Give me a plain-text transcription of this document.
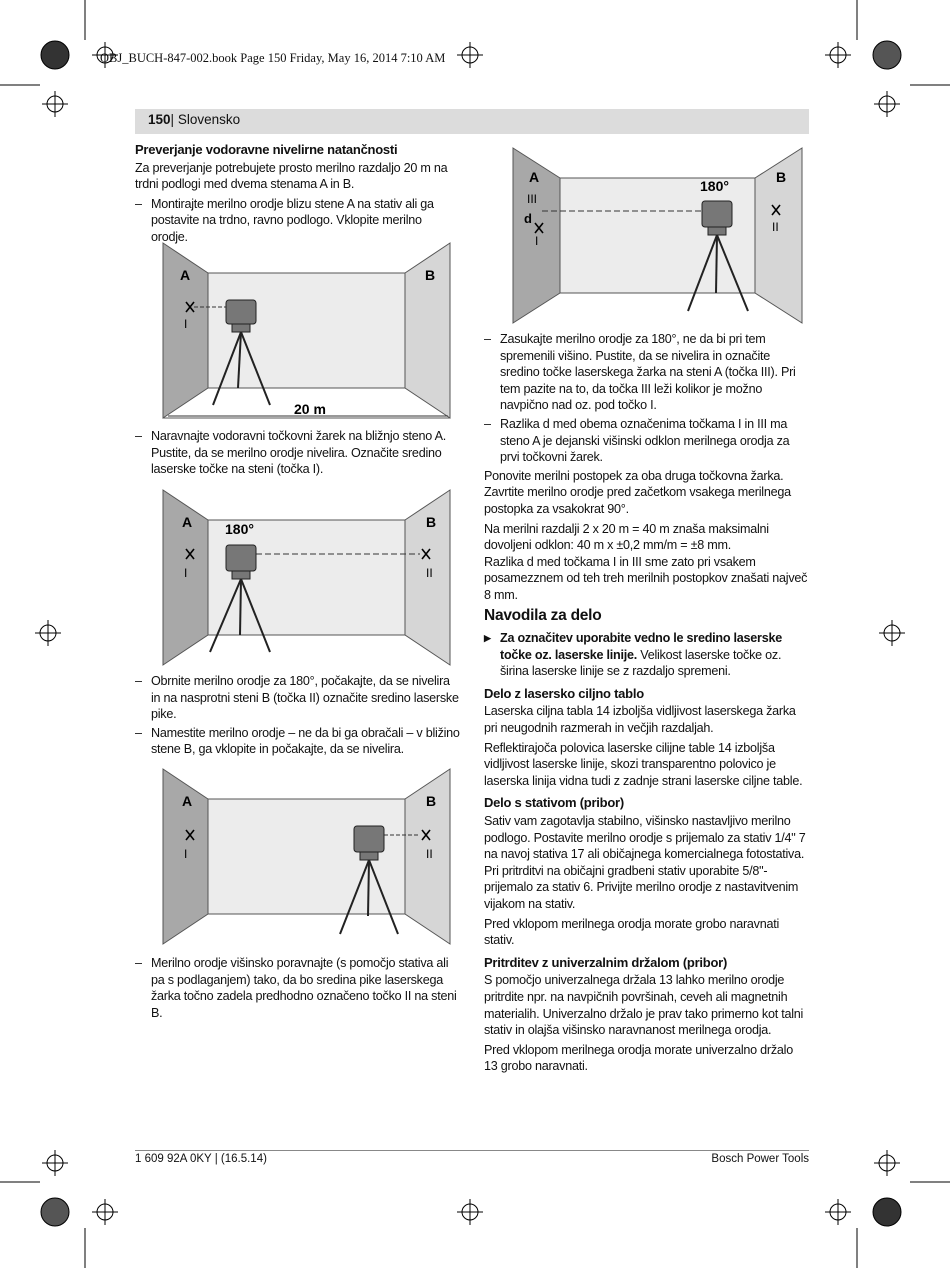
OBJ_BUCH-847-002.book Page 150 Friday, May 16, 2014 7:10 AM
150| Slovensko
Preverjanje vodoravne nivelirne natančnosti

Za preverjanje potrebujete prosto merilno razdaljo 20 m na trdni podlogi med dvema stenama A in B.

– Montirajte merilno orodje blizu stene A na stativ ali ga postavite na trdno, ravno podlogo. Vklopite merilno orodje.
A	B
I
20 m
– Naravnajte vodoravni točkovni žarek na bližnjo steno A. Pustite, da se merilno orodje nivelira. Označite sredino laserske točke na steni (točka I).
A	B
180°
I	II
– Obrnite merilno orodje za 180°, počakajte, da se nivelira in na nasprotni steni B (točka II) označite sredino laserske pike.
– Namestite merilno orodje – ne da bi ga obračali – v bližino stene B, ga vklopite in počakajte, da se nivelira.
A	B
I	II
– Merilno orodje višinsko poravnajte (s pomočjo stativa ali pa s podlaganjem) tako, da bo sredina pike laserskega žarka točno zadela predhodno označeno točko II na steni B.
A	B
180°
III
d
I
II
– Zasukajte merilno orodje za 180°, ne da bi pri tem spremenili višino. Pustite, da se nivelira in označite sredino točke laserskega žarka na steni A (točka III). Pri tem pazite na to, da točka III leži kolikor je možno navpično nad oz. pod točko I.
– Razlika d med obema označenima točkama I in III ma steno A je dejanski višinski odklon merilnega orodja za prvi točkovni žarek.

Ponovite merilni postopek za oba druga točkovna žarka. Zavrtite merilno orodje pred začetkom vsakega merilnega postopka za vsakokrat 90°.

Na merilni razdalji 2 x 20 m = 40 m znaša maksimalni dovoljeni odklon: 40 m x ±0,2 mm/m = ±8 mm.

Razlika d med točkama I in III sme zato pri vsakem posamezznem od teh treh merilnih postopkov znašati največ 8 mm.

Navodila za delo
▶ Za označitev uporabite vedno le sredino laserske točke oz. laserske linije. Velikost laserske točke oz. širina laserske linije se z razdaljo spremeni.
Delo z lasersko ciljno tablo

Laserska ciljna tabla 14 izboljša vidljivost laserskega žarka pri neugodnih razmerah in večjih razdaljah.

Reflektirajoča polovica laserske cilijne table 14 izboljša vidljivost laserske linije, skozi transparentno polovico je laserska linija vidna tudi z zadnje strani laserske ciljne table.

Delo s stativom (pribor)

Sativ vam zagotavlja stabilno, višinsko nastavljivo merilno podlogo. Postavite merilno orodje s prijemalo za stativ 1/4" 7 na navoj stativa 17 ali običajnega komercialnega fotostativa. Pri pritrditvi na običajni gradbeni stativ uporabite 5/8"-prijemalo za stativ 6. Privijte merilno orodje z nastavitvenim vijakom na stativ.

Pred vklopom merilnega orodja morate grobo naravnati stativ.

Pritrditev z univerzalnim držalom (pribor)

S pomočjo univerzalnega držala 13 lahko merilno orodje pritrdite npr. na navpičnih površinah, ceveh ali magnetnih materialih. Univerzalno držalo je prav tako primerno kot talni stativ in olajša višinsko naravnanost merilnega orodja.

Pred vklopom merilnega orodja morate univerzalno držalo 13 grobo naravnati.

1 609 92A 0KY | (16.5.14)	Bosch Power Tools
